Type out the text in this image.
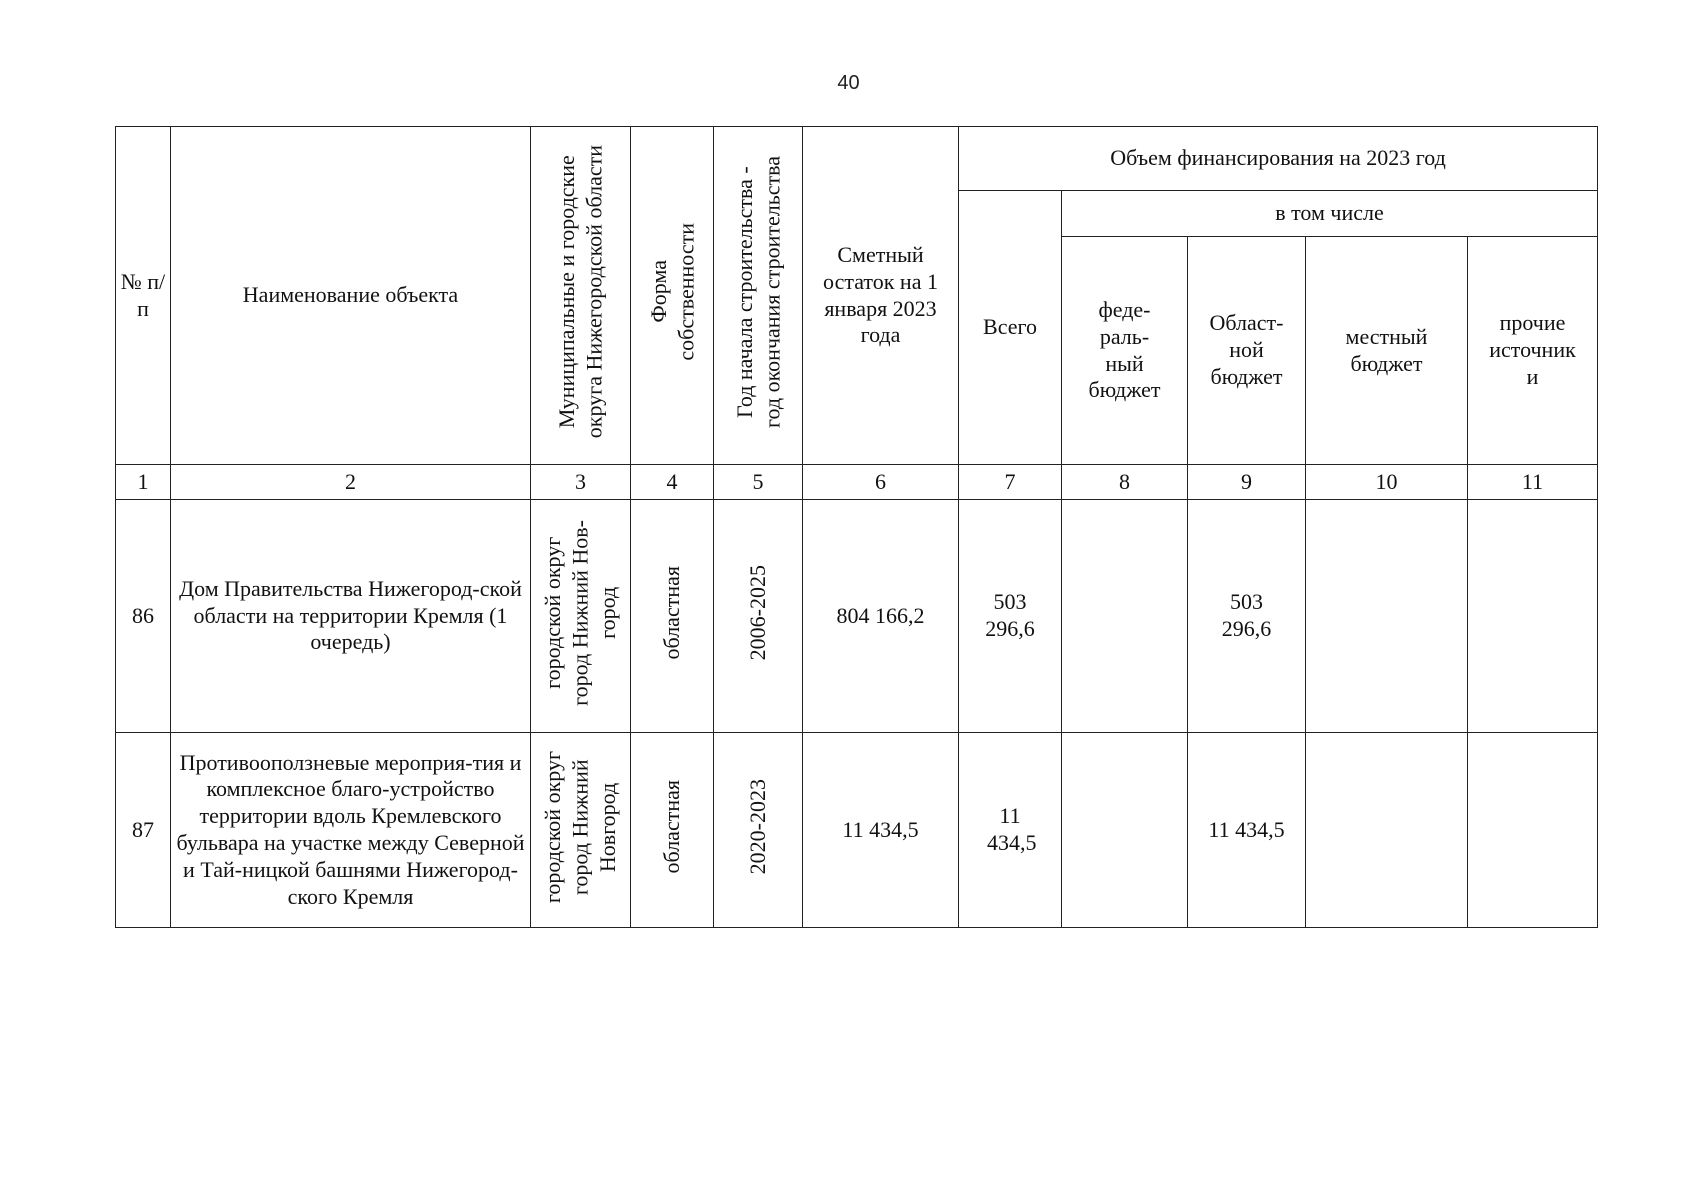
40
№ п/п	Наименование объекта	Муниципальные и городские округа Нижегородской области	Форма собственности	Год начала строительства - год окончания строительства	Сметный остаток на 1 января 2023 года	Объем финансирования на 2023 год				
						Всего	в том числе			
							феде-раль-ный бюджет	Област-ной бюджет	местный бюджет	прочие источник и
1	2	3	4	5	6	7	8	9	10	11
86	Дом Правительства Нижегород-ской области на территории Кремля (1 очередь)	городской округ город Нижний Нов- город	областная	2006-2025	804 166,2	503 296,6		503 296,6		
87	Противооползневые мероприя-тия и комплексное благо-устройство территории вдоль Кремлевского бульвара на участке между Северной и Тай-ницкой башнями Нижегород-ского Кремля	городской округ город Нижний Новгород	областная	2020-2023	11 434,5	11 434,5		11 434,5		
